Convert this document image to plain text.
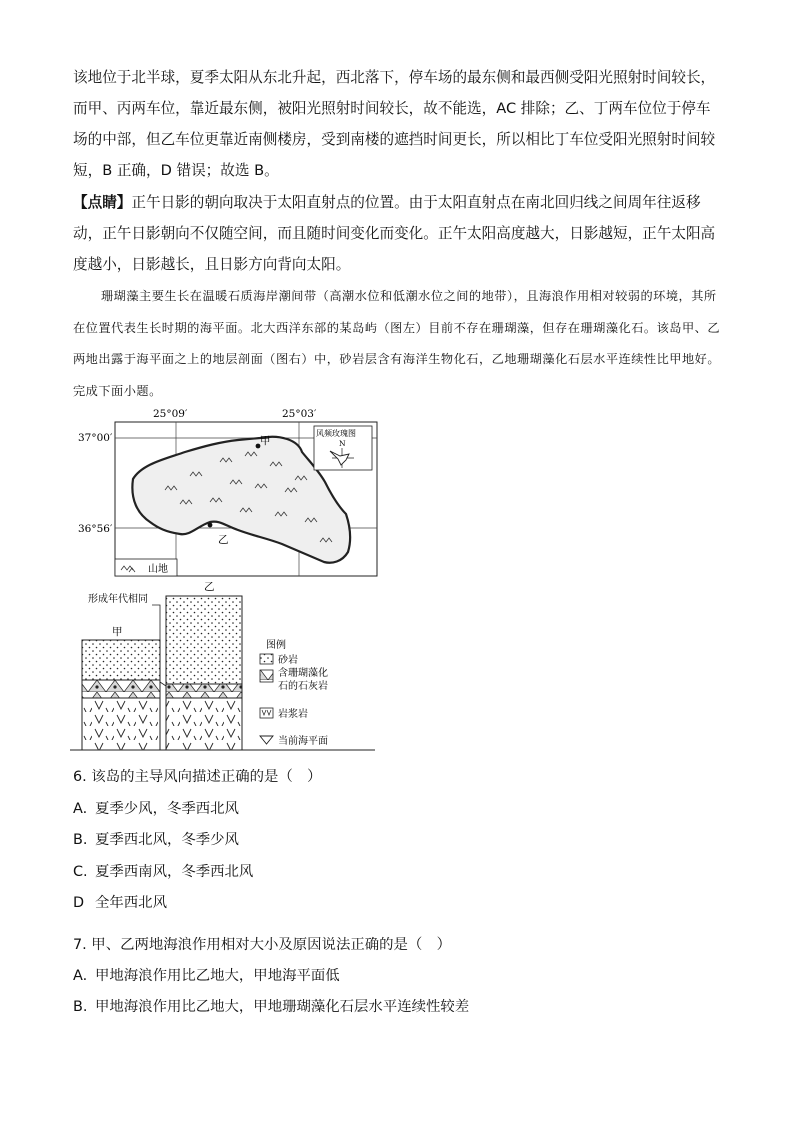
该地位于北半球，夏季太阳从东北升起，西北落下，停车场的最东侧和最西侧受阳光照射时间较长，而甲、丙两车位，靠近最东侧，被阳光照射时间较长，故不能选，AC 排除；乙、丁两车位位于停车场的中部，但乙车位更靠近南侧楼房，受到南楼的遮挡时间更长，所以相比丁车位受阳光照射时间较短，B 正确，D 错误；故选 B。

【点睛】正午日影的朝向取决于太阳直射点的位置。由于太阳直射点在南北回归线之间周年往返移动，正午日影朝向不仅随空间，而且随时间变化而变化。正午太阳高度越大，日影越短，正午太阳高度越小，日影越长，且日影方向背向太阳。

珊瑚藻主要生长在温暖石质海岸潮间带（高潮水位和低潮水位之间的地带），且海浪作用相对较弱的环境，其所在位置代表生长时期的海平面。北大西洋东部的某岛屿（图左）目前不存在珊瑚藻，但存在珊瑚藻化石。该岛甲、乙两地出露于海平面之上的地层剖面（图右）中，砂岩层含有海洋生物化石，乙地珊瑚藻化石层水平连续性比甲地好。完成下面小题。

25°09′	25°03′
37°00′
36°56′
甲
乙
风频玫瑰图
N
山地
乙
形成年代相同
甲
图例
砂岩
含珊瑚藻化
石的石灰岩
岩浆岩
当前海平面

6. 该岛的主导风向描述正确的是（　）

A. 夏季少风，冬季西北风

B. 夏季西北风，冬季少风

C. 夏季西南风，冬季西北风

D 全年西北风

7. 甲、乙两地海浪作用相对大小及原因说法正确的是（　）

A. 甲地海浪作用比乙地大，甲地海平面低

B. 甲地海浪作用比乙地大，甲地珊瑚藻化石层水平连续性较差
